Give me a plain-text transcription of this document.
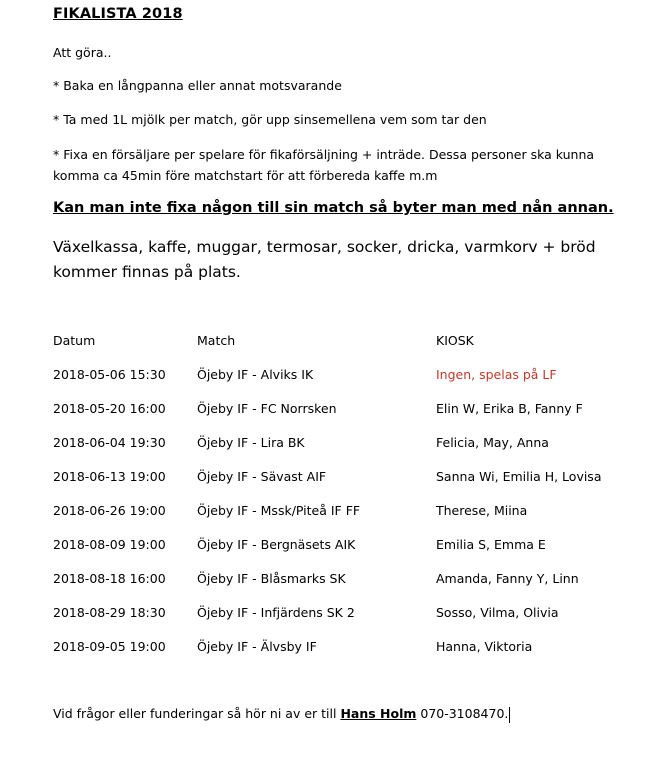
FIKALISTA 2018
Att göra..
* Baka en långpanna eller annat motsvarande
* Ta med 1L mjölk per match, gör upp sinsemellena vem som tar den
* Fixa en försäljare per spelare för fikaförsäljning + inträde. Dessa personer ska kunna
komma ca 45min före matchstart för att förbereda kaffe m.m
Kan man inte fixa någon till sin match så byter man med nån annan.
Växelkassa, kaffe, muggar, termosar, socker, dricka, varmkorv + bröd kommer finnas på plats.
Datum	Match	KIOSK
2018-05-06 15:30	Öjeby IF - Alviks IK	Ingen, spelas på LF
2018-05-20 16:00	Öjeby IF - FC Norrsken	Elin W, Erika B, Fanny F
2018-06-04 19:30	Öjeby IF - Lira BK	Felicia, May, Anna
2018-06-13 19:00	Öjeby IF - Sävast AIF	Sanna Wi, Emilia H, Lovisa
2018-06-26 19:00	Öjeby IF - Mssk/Piteå IF FF	Therese, Miina
2018-08-09 19:00	Öjeby IF - Bergnäsets AIK	Emilia S, Emma E
2018-08-18 16:00	Öjeby IF - Blåsmarks SK	Amanda, Fanny Y, Linn
2018-08-29 18:30	Öjeby IF - Infjärdens SK 2	Sosso, Vilma, Olivia
2018-09-05 19:00	Öjeby IF - Älvsby IF	Hanna, Viktoria
Vid frågor eller funderingar så hör ni av er till Hans Holm 070-3108470.
